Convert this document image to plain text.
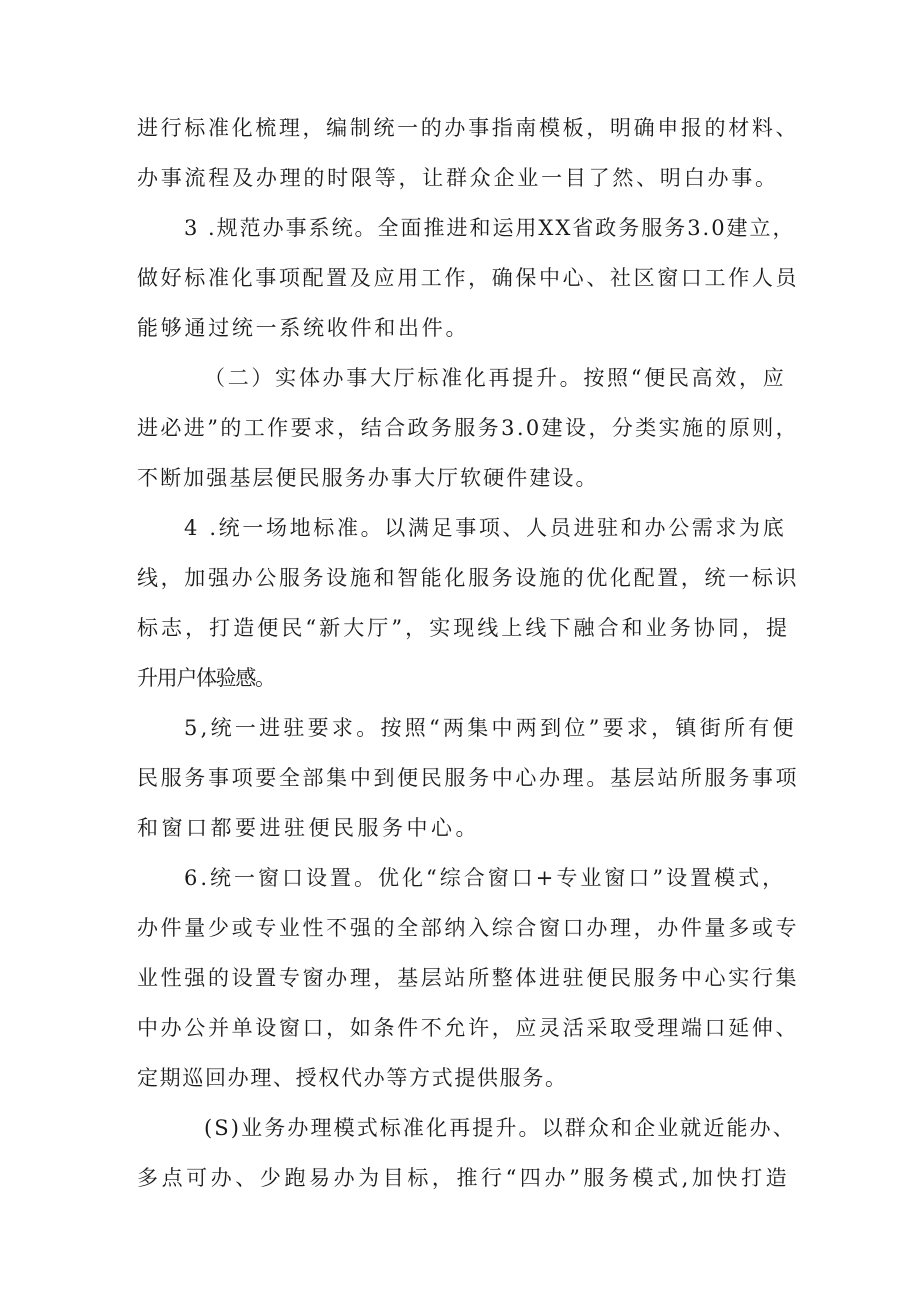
进行标准化梳理，编制统一的办事指南模板，明确申报的材料、
办事流程及办理的时限等，让群众企业一目了然、明白办事。
3 .规范办事系统。全面推进和运用XX省政务服务3.0建立，
做好标准化事项配置及应用工作，确保中心、社区窗口工作人员
能够通过统一系统收件和出件。
（二）实体办事大厅标准化再提升。按照“便民高效，应
进必进”的工作要求，结合政务服务3.0建设，分类实施的原则，
不断加强基层便民服务办事大厅软硬件建设。
4 .统一场地标准。以满足事项、人员进驻和办公需求为底
线，加强办公服务设施和智能化服务设施的优化配置，统一标识
标志，打造便民“新大厅”，实现线上线下融合和业务协同，提
升用户体验感。
5,统一进驻要求。按照“两集中两到位”要求，镇街所有便
民服务事项要全部集中到便民服务中心办理。基层站所服务事项
和窗口都要进驻便民服务中心。
6.统一窗口设置。优化“综合窗口+专业窗口”设置模式，
办件量少或专业性不强的全部纳入综合窗口办理，办件量多或专
业性强的设置专窗办理，基层站所整体进驻便民服务中心实行集
中办公并单设窗口，如条件不允许，应灵活采取受理端口延伸、
定期巡回办理、授权代办等方式提供服务。
(S)业务办理模式标准化再提升。以群众和企业就近能办、
多点可办、少跑易办为目标，推行“四办”服务模式,加快打造
